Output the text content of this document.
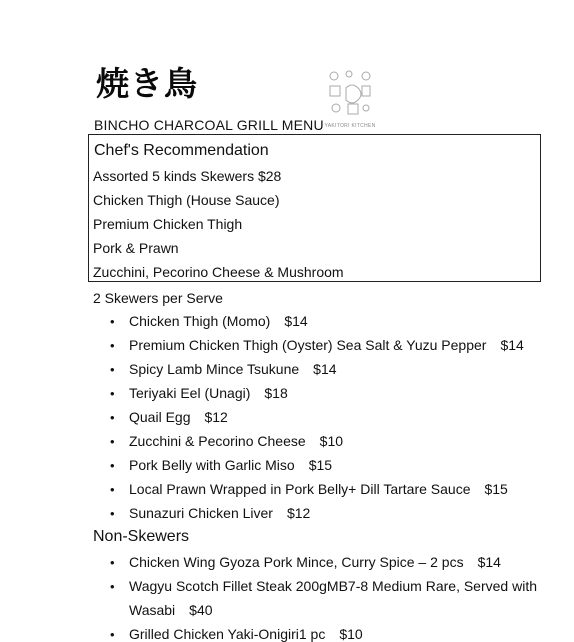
焼き鳥
YAKITORI KITCHEN
BINCHO CHARCOAL GRILL MENU
Chef's Recommendation
Assorted 5 kinds Skewers $28
Chicken Thigh (House Sauce)
Premium Chicken Thigh
Pork & Prawn
Zucchini, Pecorino Cheese & Mushroom
2 Skewers per Serve
• Chicken Thigh (Momo) $14
• Premium Chicken Thigh (Oyster) Sea Salt & Yuzu Pepper $14
• Spicy Lamb Mince Tsukune $14
• Teriyaki Eel (Unagi) $18
• Quail Egg $12
• Zucchini & Pecorino Cheese $10
• Pork Belly with Garlic Miso $15
• Local Prawn Wrapped in Pork Belly+ Dill Tartare Sauce $15
• Sunazuri Chicken Liver $12
Non-Skewers
• Chicken Wing Gyoza Pork Mince, Curry Spice – 2 pcs $14
• Wagyu Scotch Fillet Steak 200gMB7-8 Medium Rare, Served with
Wasabi $40
• Grilled Chicken Yaki-Onigiri1 pc $10
